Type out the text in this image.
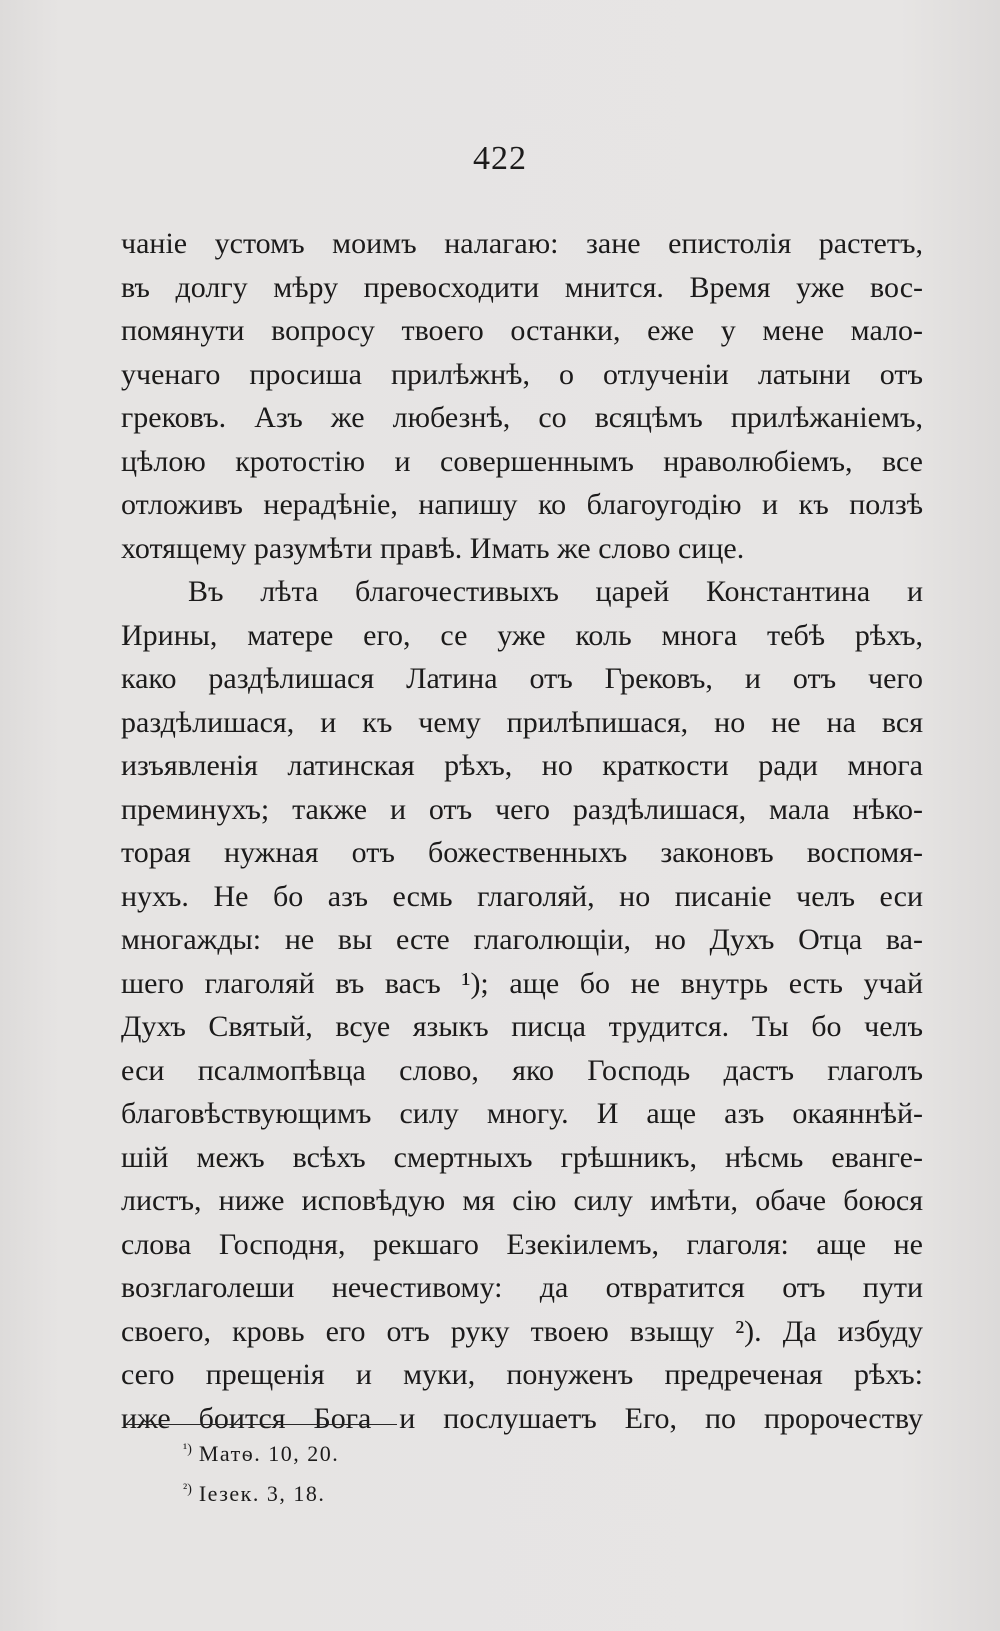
422
чаніе устомъ моимъ налагаю: зане епистолія растетъ,
въ долгу мѣру превосходити мнится. Время уже вос-
помянути вопросу твоего останки, еже у мене мало-
ученаго просиша прилѣжнѣ, о отлученіи латыни отъ
грековъ. Азъ же любезнѣ, со всяцѣмъ прилѣжаніемъ,
цѣлою кротостію и совершеннымъ нраволюбіемъ, все
отложивъ нерадѣніе, напишу ко благоугодію и къ ползѣ
хотящему разумѣти правѣ. Имать же слово сице.
Въ лѣта благочестивыхъ царей Константина и
Ирины, матере его, се уже коль многа тебѣ рѣхъ,
како раздѣлишася Латина отъ Грековъ, и отъ чего
раздѣлишася, и къ чему прилѣпишася, но не на вся
изъявленія латинская рѣхъ, но краткости ради многа
преминухъ; также и отъ чего раздѣлишася, мала нѣко-
торая нужная отъ божественныхъ законовъ воспомя-
нухъ. Не бо азъ есмь глаголяй, но писаніе челъ еси
многажды: не вы есте глаголющіи, но Духъ Отца ва-
шего глаголяй въ васъ ¹); аще бо не внутрь есть учай
Духъ Святый, всуе языкъ писца трудится. Ты бо челъ
еси псалмопѣвца слово, яко Господь дастъ глаголъ
благовѣствующимъ силу многу. И аще азъ окаяннѣй-
шій межъ всѣхъ смертныхъ грѣшникъ, нѣсмь еванге-
листъ, ниже исповѣдую мя сію силу имѣти, обаче боюся
слова Господня, рекшаго Езекіилемъ, глаголя: аще не
возглаголеши нечестивому: да отвратится отъ пути
своего, кровь его отъ руку твоею взыщу ²). Да избуду
сего прещенія и муки, понуженъ предреченая рѣхъ:
иже боится Бога и послушаетъ Его, по пророчеству
$^{^1)}$ Матѳ. 10, 20.
$^{^2)}$ Іезек. 3, 18.
